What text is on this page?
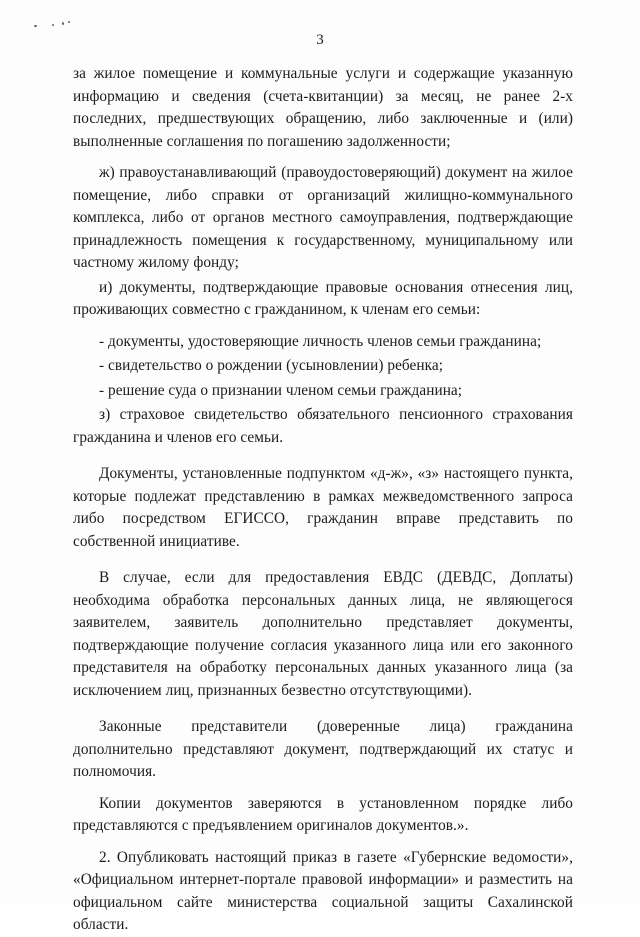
3

за жилое помещение и коммунальные услуги и содержащие указанную информацию и сведения (счета-квитанции) за месяц, не ранее 2-х последних, предшествующих обращению, либо заключенные и (или) выполненные соглашения по погашению задолженности;

ж) правоустанавливающий (правоудостоверяющий) документ на жилое помещение, либо справки от организаций жилищно-коммунального комплекса, либо от органов местного самоуправления, подтверждающие принадлежность помещения к государственному, муниципальному или частному жилому фонду;

и) документы, подтверждающие правовые основания отнесения лиц, проживающих совместно с гражданином, к членам его семьи:

- документы, удостоверяющие личность членов семьи гражданина;

- свидетельство о рождении (усыновлении) ребенка;

- решение суда о признании членом семьи гражданина;

з) страховое свидетельство обязательного пенсионного страхования гражданина и членов его семьи.

Документы, установленные подпунктом «д-ж», «з» настоящего пункта, которые подлежат представлению в рамках межведомственного запроса либо посредством ЕГИССО, гражданин вправе представить по собственной инициативе.

В случае, если для предоставления ЕВДС (ДЕВДС, Доплаты) необходима обработка персональных данных лица, не являющегося заявителем, заявитель дополнительно представляет документы, подтверждающие получение согласия указанного лица или его законного представителя на обработку персональных данных указанного лица (за исключением лиц, признанных безвестно отсутствующими).

Законные представители (доверенные лица) гражданина дополнительно представляют документ, подтверждающий их статус и полномочия.

Копии документов заверяются в установленном порядке либо представляются с предъявлением оригиналов документов.».

2. Опубликовать настоящий приказ в газете «Губернские ведомости», «Официальном интернет-портале правовой информации» и разместить на официальном сайте министерства социальной защиты Сахалинской области.
